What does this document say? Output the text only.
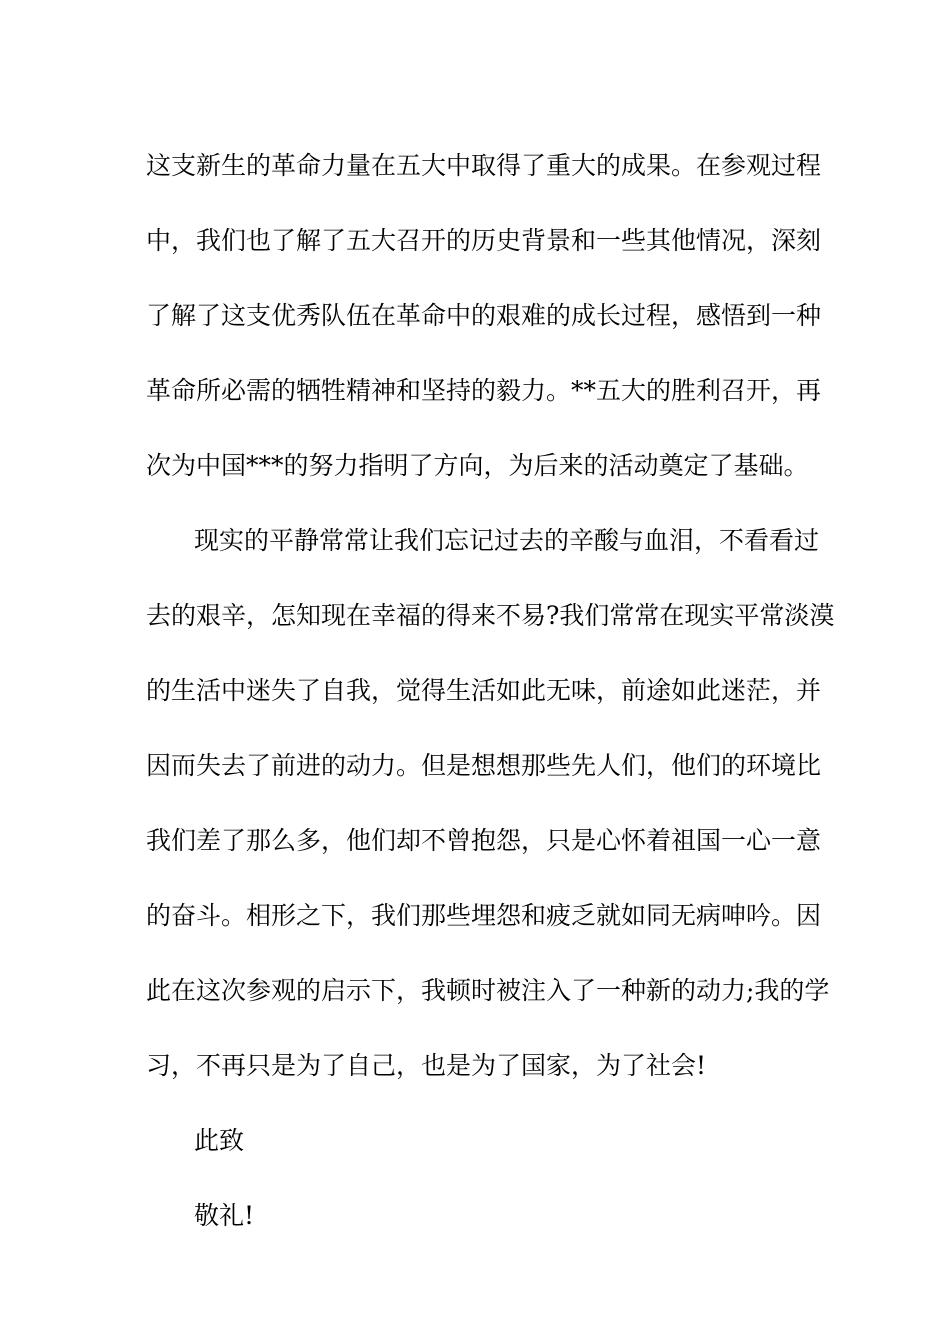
这支新生的革命力量在五大中取得了重大的成果。在参观过程
中，我们也了解了五大召开的历史背景和一些其他情况，深刻
了解了这支优秀队伍在革命中的艰难的成长过程，感悟到一种
革命所必需的牺牲精神和坚持的毅力。**五大的胜利召开，再
次为中国***的努力指明了方向，为后来的活动奠定了基础。
现实的平静常常让我们忘记过去的辛酸与血泪，不看看过
去的艰辛，怎知现在幸福的得来不易?我们常常在现实平常淡漠
的生活中迷失了自我，觉得生活如此无味，前途如此迷茫，并
因而失去了前进的动力。但是想想那些先人们，他们的环境比
我们差了那么多，他们却不曾抱怨，只是心怀着祖国一心一意
的奋斗。相形之下，我们那些埋怨和疲乏就如同无病呻吟。因
此在这次参观的启示下，我顿时被注入了一种新的动力;我的学
习，不再只是为了自己，也是为了国家，为了社会!
此致
敬礼!
